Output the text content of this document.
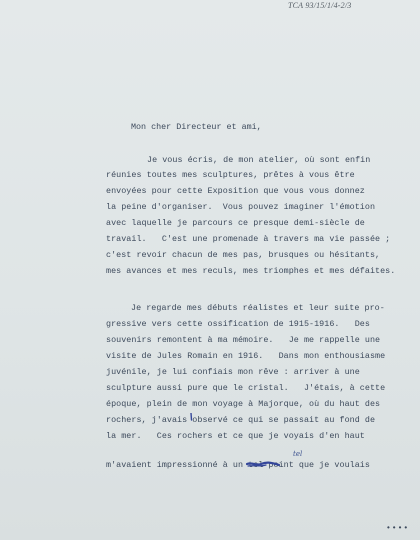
TCA 93/15/1/4-2/3
Mon cher Directeur et ami,
Je vous écris, de mon atelier, où sont enfin
réunies toutes mes sculptures, prêtes à vous être
envoyées pour cette Exposition que vous vous donnez
la peine d'organiser.  Vous pouvez imaginer l'émotion
avec laquelle je parcours ce presque demi-siècle de
travail.   C'est une promenade à travers ma vie passée ;
c'est revoir chacun de mes pas, brusques ou hésitants,
mes avances et mes reculs, mes triomphes et mes défaites.
Je regarde mes débuts réalistes et leur suite pro-
gressive vers cette ossification de 1915-1916.   Des
souvenirs remontent à ma mémoire.   Je me rappelle une
visite de Jules Romain en 1916.   Dans mon enthousiasme
juvénile, je lui confiais mon rêve : arriver à une
sculpture aussi pure que le cristal.   J'étais, à cette
époque, plein de mon voyage à Majorque, où du haut des
rochers, j'avais observé ce qui se passait au fond de
la mer.   Ces rochers et ce que je voyais d'en haut
m'avaient impressionné à un tel point que je voulais
tel
••••
